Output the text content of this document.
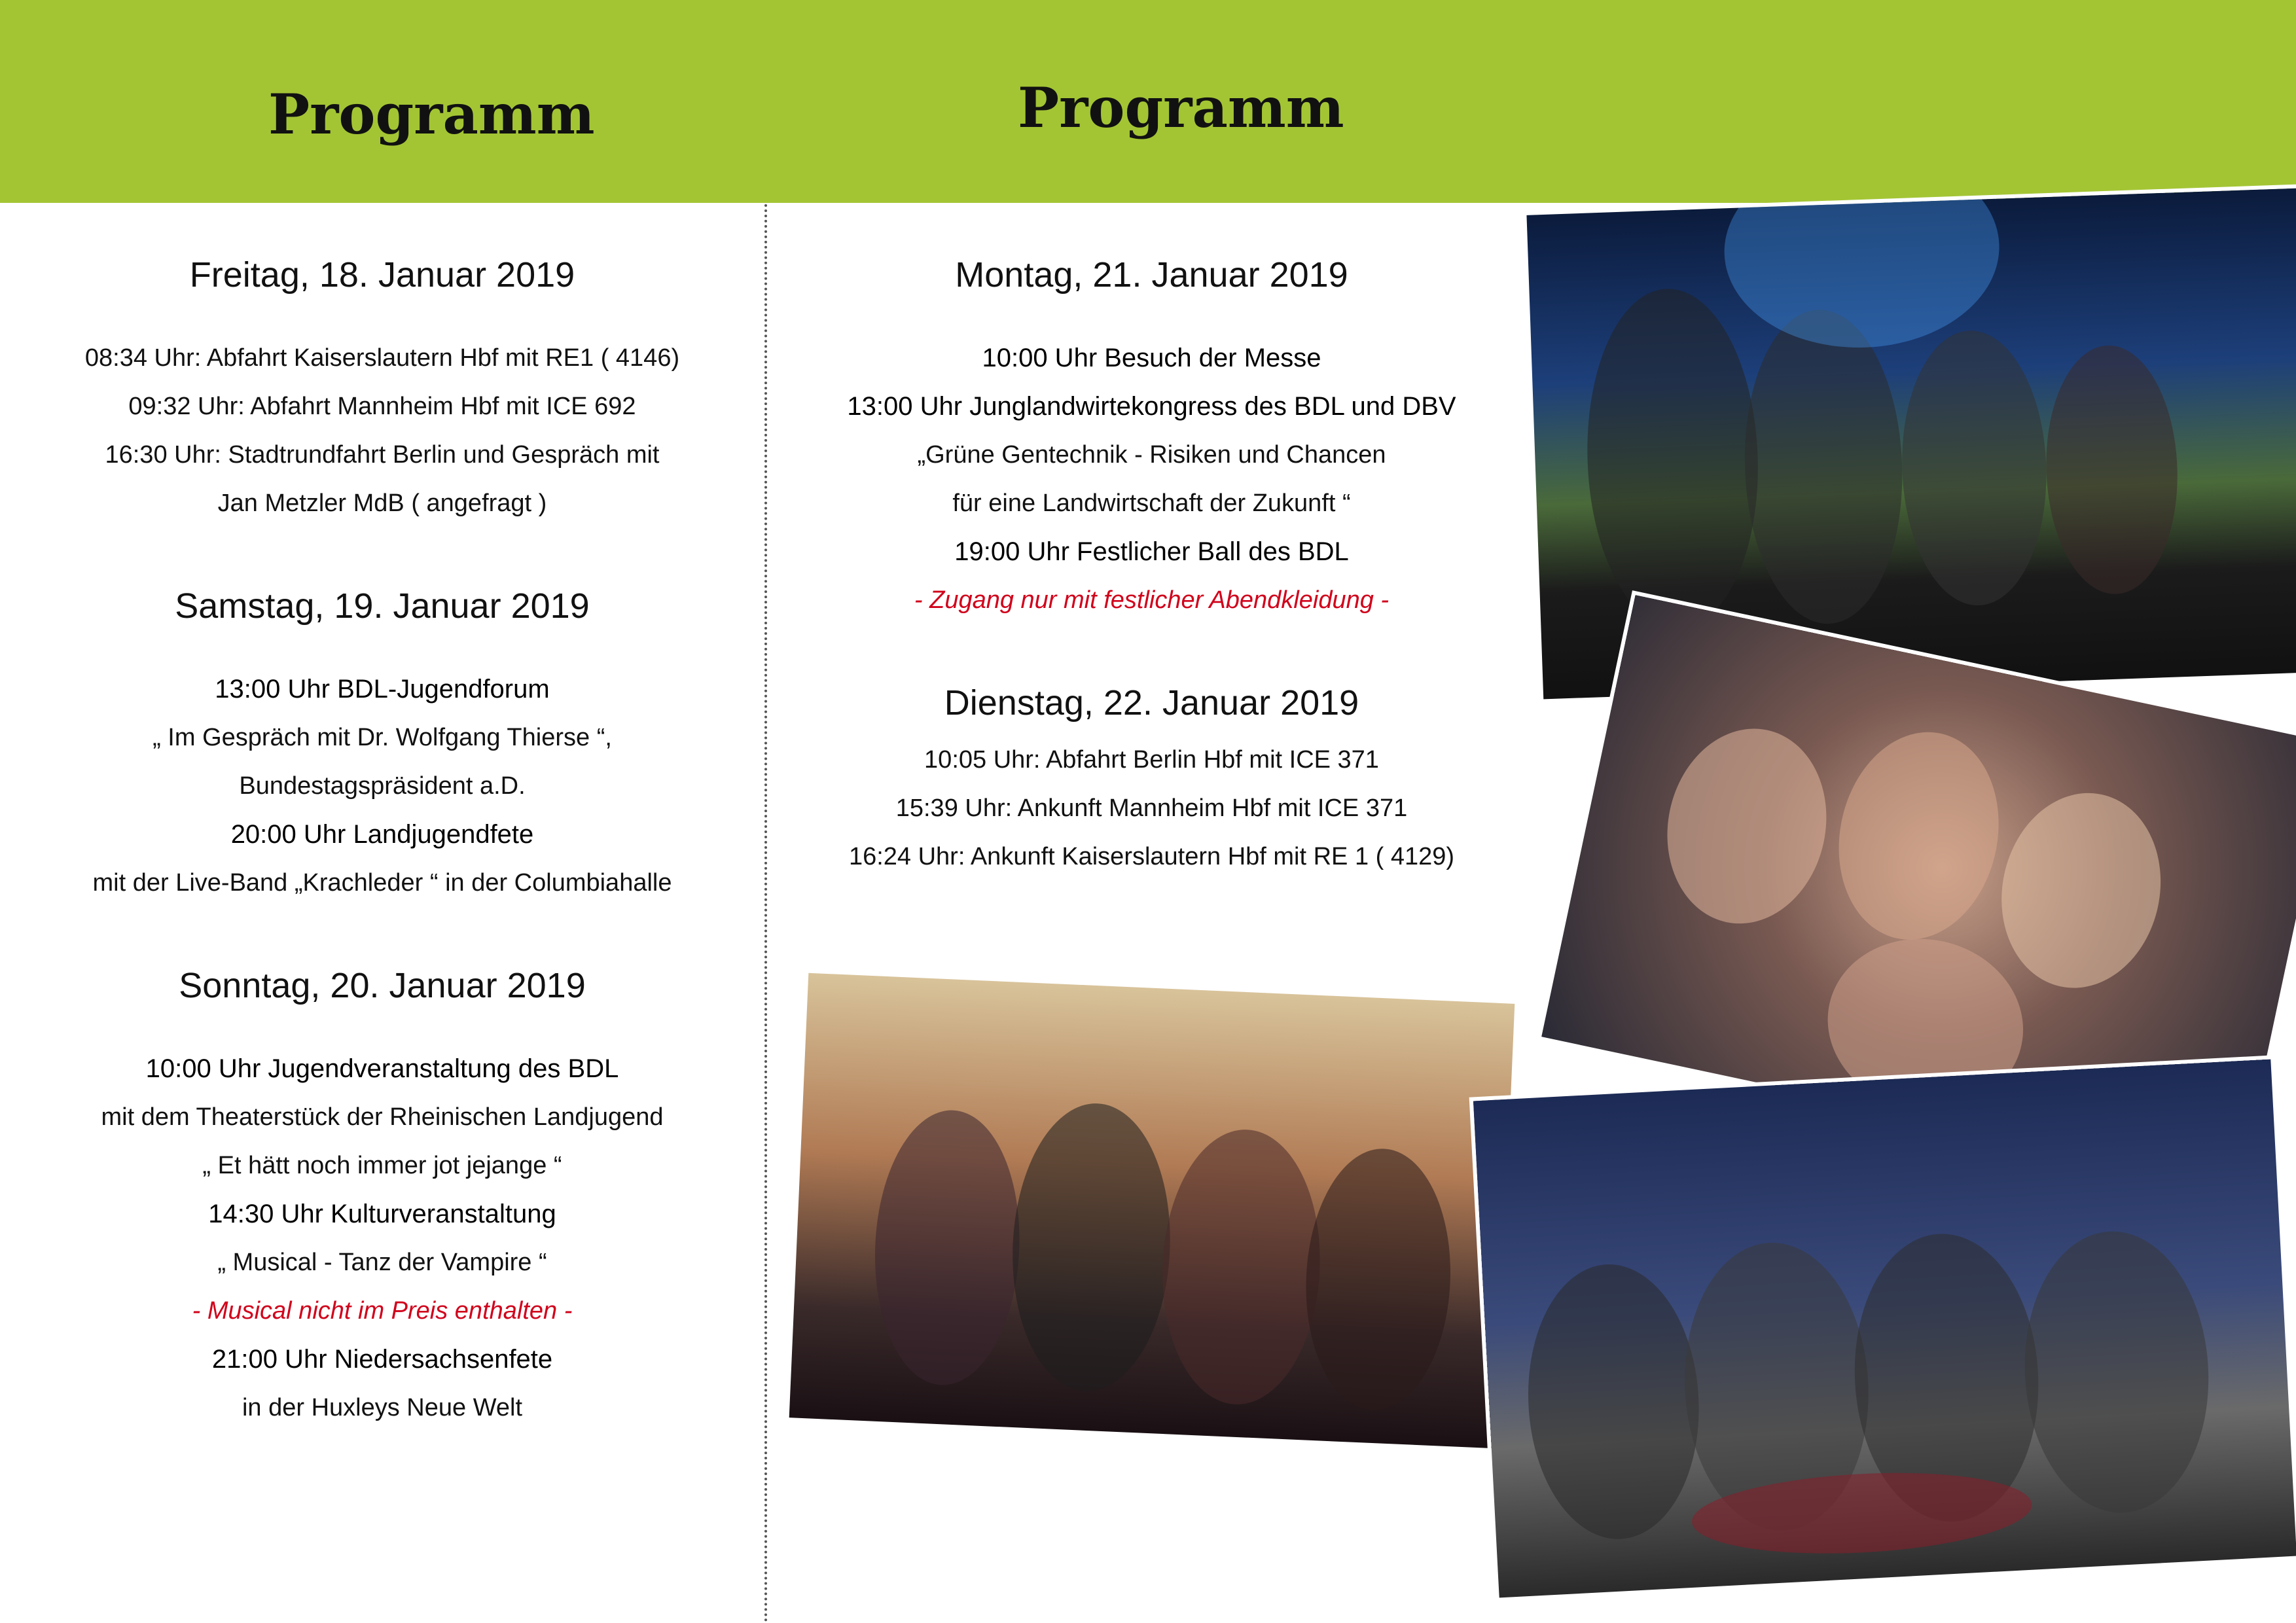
Programm	Programm
Freitag, 18. Januar 2019
08:34 Uhr: Abfahrt Kaiserslautern Hbf mit RE1 ( 4146)
09:32 Uhr: Abfahrt Mannheim Hbf mit ICE 692
16:30 Uhr: Stadtrundfahrt Berlin und Gespräch mit
Jan Metzler MdB ( angefragt )
Samstag, 19. Januar 2019
13:00 Uhr BDL-Jugendforum
„ Im Gespräch mit Dr. Wolfgang Thierse “,
Bundestagspräsident a.D.
20:00 Uhr Landjugendfete
mit der Live-Band „Krachleder “ in der Columbiahalle
Sonntag, 20. Januar 2019
10:00 Uhr Jugendveranstaltung des BDL
mit dem Theaterstück der Rheinischen Landjugend
„ Et hätt noch immer jot jejange “
14:30 Uhr Kulturveranstaltung
„ Musical - Tanz der Vampire “
- Musical nicht im Preis enthalten -
21:00 Uhr Niedersachsenfete
in der Huxleys Neue Welt
Montag, 21. Januar 2019
10:00 Uhr Besuch der Messe
13:00 Uhr Junglandwirtekongress des BDL und DBV
„Grüne Gentechnik - Risiken und Chancen
für eine Landwirtschaft der Zukunft “
19:00 Uhr Festlicher Ball des BDL
- Zugang nur mit festlicher Abendkleidung -
Dienstag, 22. Januar 2019
10:05 Uhr: Abfahrt Berlin Hbf mit ICE 371
15:39 Uhr: Ankunft Mannheim Hbf mit ICE 371
16:24 Uhr: Ankunft Kaiserslautern Hbf mit RE 1 ( 4129)
